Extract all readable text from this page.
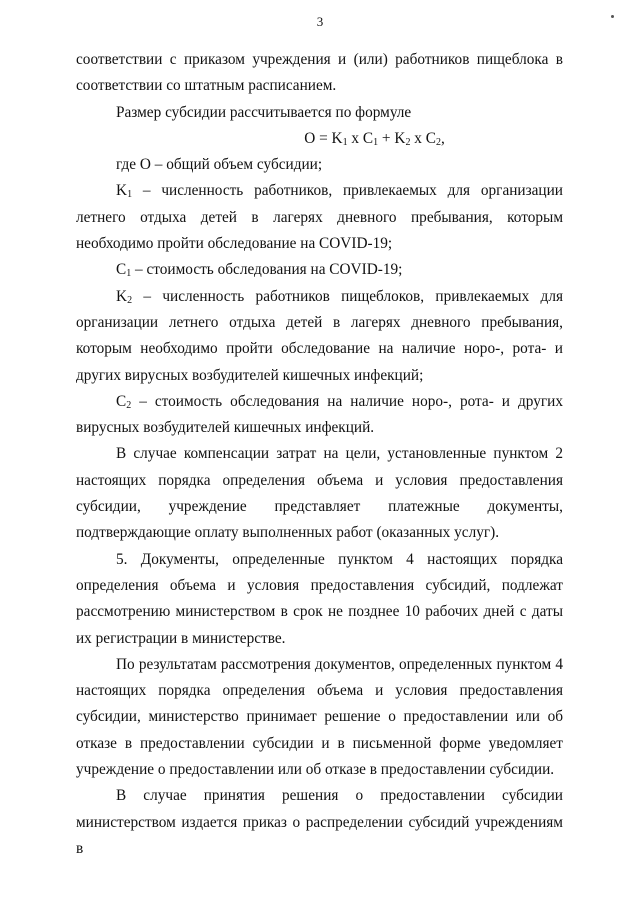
3

соответствии с приказом учреждения и (или) работников пищеблока в соответствии со штатным расписанием.

Размер субсидии рассчитывается по формуле

$О = K_1$ х $С_1 + K_2$ х $С_2$,

где О – общий объем субсидии;

$K_1$ – численность работников, привлекаемых для организации летнего отдыха детей в лагерях дневного пребывания, которым необходимо пройти обследование на COVID-19;

$С_1$ – стоимость обследования на COVID-19;

$K_2$ – численность работников пищеблоков, привлекаемых для организации летнего отдыха детей в лагерях дневного пребывания, которым необходимо пройти обследование на наличие норо-, рота- и других вирусных возбудителей кишечных инфекций;

$С_2$ – стоимость обследования на наличие норо-, рота- и других вирусных возбудителей кишечных инфекций.

В случае компенсации затрат на цели, установленные пунктом 2 настоящих порядка определения объема и условия предоставления субсидии, учреждение представляет платежные документы, подтверждающие оплату выполненных работ (оказанных услуг).

5. Документы, определенные пунктом 4 настоящих порядка определения объема и условия предоставления субсидий, подлежат рассмотрению министерством в срок не позднее 10 рабочих дней с даты их регистрации в министерстве.

По результатам рассмотрения документов, определенных пунктом 4 настоящих порядка определения объема и условия предоставления субсидии, министерство принимает решение о предоставлении или об отказе в предоставлении субсидии и в письменной форме уведомляет учреждение о предоставлении или об отказе в предоставлении субсидии.

В случае принятия решения о предоставлении субсидии министерством издается приказ о распределении субсидий учреждениям в
